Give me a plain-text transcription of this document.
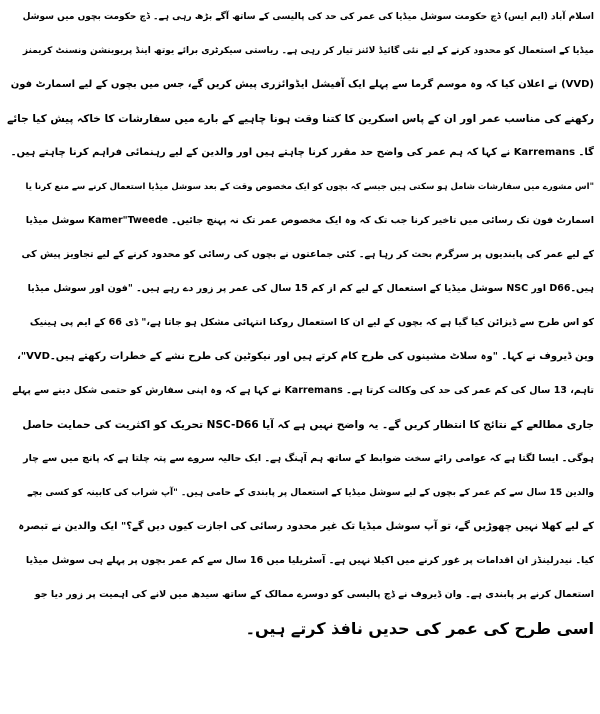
اسلام آباد (ایم ایس) ڈچ حکومت سوشل میڈیا کی عمر کی حد کی پالیسی کے ساتھ آگے بڑھ رہی ہے۔ ڈچ حکومت بچوں میں سوشل
میڈیا کے استعمال کو محدود کرنے کے لیے نئی گائیڈ لائنز تیار کر رہی ہے۔ ریاستی سیکرٹری برائے یوتھ اینڈ پریوینشن ونسنٹ کریمنز
(VVD) نے اعلان کیا کہ وہ موسم گرما سے پہلے ایک آفیشل ایڈوائزری پیش کریں گے، جس میں بچوں کے لیے اسمارٹ فون
رکھنے کی مناسب عمر اور ان کے پاس اسکرین کا کتنا وقت ہونا چاہیے کے بارے میں سفارشات کا خاکہ پیش کیا جائے
گا۔ Karremans نے کہا کہ ہم عمر کی واضح حد مقرر کرنا چاہتے ہیں اور والدین کے لیے رہنمائی فراہم کرنا چاہتے ہیں۔
"اس مشورے میں سفارشات شامل ہو سکتی ہیں جیسے کہ بچوں کو ایک مخصوص وقت کے بعد سوشل میڈیا استعمال کرنے سے منع کرنا یا
اسمارٹ فون تک رسائی میں تاخیر کرنا جب تک کہ وہ ایک مخصوص عمر تک نہ پہنچ جائیں۔ Kamer"Tweede سوشل میڈیا
کے لیے عمر کی پابندیوں پر سرگرم بحث کر رہا ہے۔ کئی جماعتوں نے بچوں کی رسائی کو محدود کرنے کے لیے تجاویز پیش کی
ہیں۔D66 اور NSC سوشل میڈیا کے استعمال کے لیے کم از کم 15 سال کی عمر پر زور دے رہے ہیں۔ "فون اور سوشل میڈیا
کو اس طرح سے ڈیزائن کیا گیا ہے کہ بچوں کے لیے ان کا استعمال روکنا انتہائی مشکل ہو جاتا ہے،" ڈی 66 کے ایم پی ہینیک
وین ڈیروف نے کہا۔ "وہ سلاٹ مشینوں کی طرح کام کرتے ہیں اور نیکوٹین کی طرح نشے کے خطرات رکھتے ہیں۔VVD"،
تاہم، 13 سال کی کم عمر کی حد کی وکالت کرتا ہے۔ Karremans نے کہا ہے کہ وہ اپنی سفارش کو حتمی شکل دینے سے پہلے
جاری مطالعے کے نتائج کا انتظار کریں گے۔ یہ واضح نہیں ہے کہ آیا NSC-D66 تحریک کو اکثریت کی حمایت حاصل
ہوگی۔ ایسا لگتا ہے کہ عوامی رائے سخت ضوابط کے ساتھ ہم آہنگ ہے۔ ایک حالیہ سروے سے پتہ چلتا ہے کہ پانچ میں سے چار
والدین 15 سال سے کم عمر کے بچوں کے لیے سوشل میڈیا کے استعمال پر پابندی کے حامی ہیں۔ "آپ شراب کی کابینہ کو کسی بچے
کے لیے کھلا نہیں چھوڑیں گے، تو آپ سوشل میڈیا تک غیر محدود رسائی کی اجازت کیوں دیں گے؟" ایک والدین نے تبصرہ
کیا۔ نیدرلینڈز ان اقدامات پر غور کرنے میں اکیلا نہیں ہے۔ آسٹریلیا میں 16 سال سے کم عمر بچوں پر پہلے ہی سوشل میڈیا
استعمال کرنے پر پابندی ہے۔ وان ڈیروف نے ڈچ پالیسی کو دوسرے ممالک کے ساتھ سیدھ میں لانے کی اہمیت پر زور دیا جو
اسی طرح کی عمر کی حدیں نافذ کرتے ہیں۔
